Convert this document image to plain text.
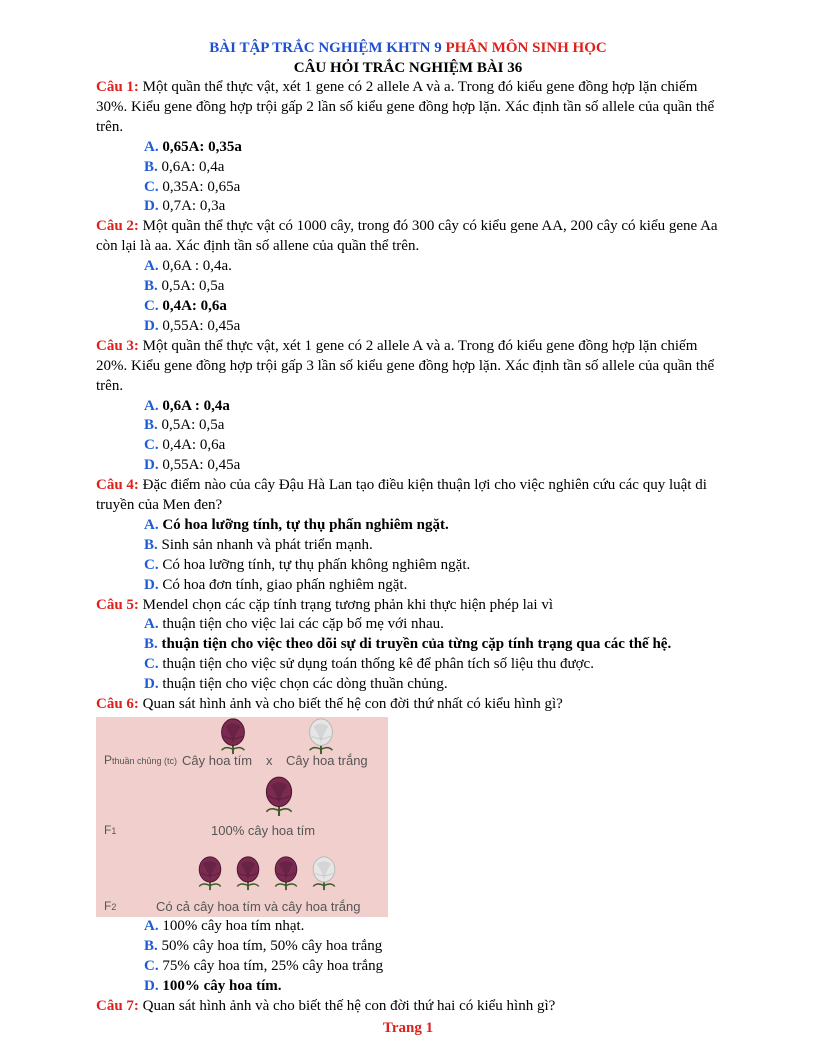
BÀI TẬP TRẮC NGHIỆM KHTN 9 PHÂN MÔN SINH HỌC
CÂU HỎI TRẮC NGHIỆM BÀI 36

Câu 1: Một quần thể thực vật, xét 1 gene có 2 allele A và a. Trong đó kiểu gene đồng hợp lặn chiếm 30%. Kiểu gene đồng hợp trội gấp 2 lần số kiểu gene đồng hợp lặn. Xác định tần số allele của quần thể trên.

A. 0,65A: 0,35a

B. 0,6A: 0,4a

C. 0,35A: 0,65a

D. 0,7A: 0,3a

Câu 2: Một quần thể thực vật có 1000 cây, trong đó 300 cây có kiểu gene AA, 200 cây có kiểu gene Aa còn lại là aa. Xác định tần số allene của quần thể trên.

A. 0,6A : 0,4a.

B. 0,5A: 0,5a

C. 0,4A: 0,6a

D. 0,55A: 0,45a

Câu 3: Một quần thể thực vật, xét 1 gene có 2 allele A và a. Trong đó kiểu gene đồng hợp lặn chiếm 20%. Kiểu gene đồng hợp trội gấp 3 lần số kiểu gene đồng hợp lặn. Xác định tần số allele của quần thể trên.

A. 0,6A : 0,4a

B. 0,5A: 0,5a

C. 0,4A: 0,6a

D. 0,55A: 0,45a

Câu 4: Đặc điểm nào của cây Đậu Hà Lan tạo điều kiện thuận lợi cho việc nghiên cứu các quy luật di truyền của Men đen?

A. Có hoa lưỡng tính, tự thụ phấn nghiêm ngặt.

B. Sinh sản nhanh và phát triển mạnh.

C. Có hoa lưỡng tính, tự thụ phấn không nghiêm ngặt.

D. Có hoa đơn tính, giao phấn nghiêm ngặt.

Câu 5: Mendel chọn các cặp tính trạng tương phản khi thực hiện phép lai vì

A. thuận tiện cho việc lai các cặp bố mẹ với nhau.

B. thuận tiện cho việc theo dõi sự di truyền của từng cặp tính trạng qua các thế hệ.

C. thuận tiện cho việc sử dụng toán thống kê để phân tích số liệu thu được.

D. thuận tiện cho việc chọn các dòng thuần chủng.

Câu 6: Quan sát hình ảnh và cho biết thế hệ con đời thứ nhất có kiểu hình gì?

Pthuần chủng (tc) Cây hoa tím x Cây hoa trắng
F1	100% cây hoa tím
F2	Có cả cây hoa tím và cây hoa trắng

A. 100% cây hoa tím nhạt.

B. 50% cây hoa tím, 50% cây hoa trắng

C. 75% cây hoa tím, 25% cây hoa trắng

D. 100% cây hoa tím.

Câu 7: Quan sát hình ảnh và cho biết thế hệ con đời thứ hai có kiểu hình gì?

Trang 1
